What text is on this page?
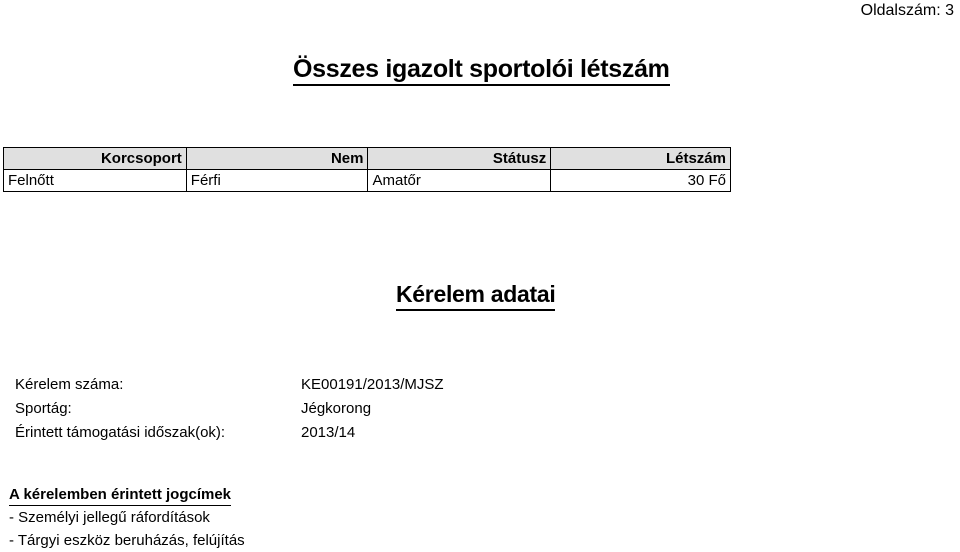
Oldalszám: 3
Összes igazolt sportolói létszám
Korcsoport	Nem	Státusz	Létszám
Felnőtt	Férfi	Amatőr	30 Fő
Kérelem adatai
Kérelem száma:	KE00191/2013/MJSZ
Sportág:	Jégkorong
Érintett támogatási időszak(ok):	2013/14
A kérelemben érintett jogcímek
- Személyi jellegű ráfordítások
- Tárgyi eszköz beruházás, felújítás
